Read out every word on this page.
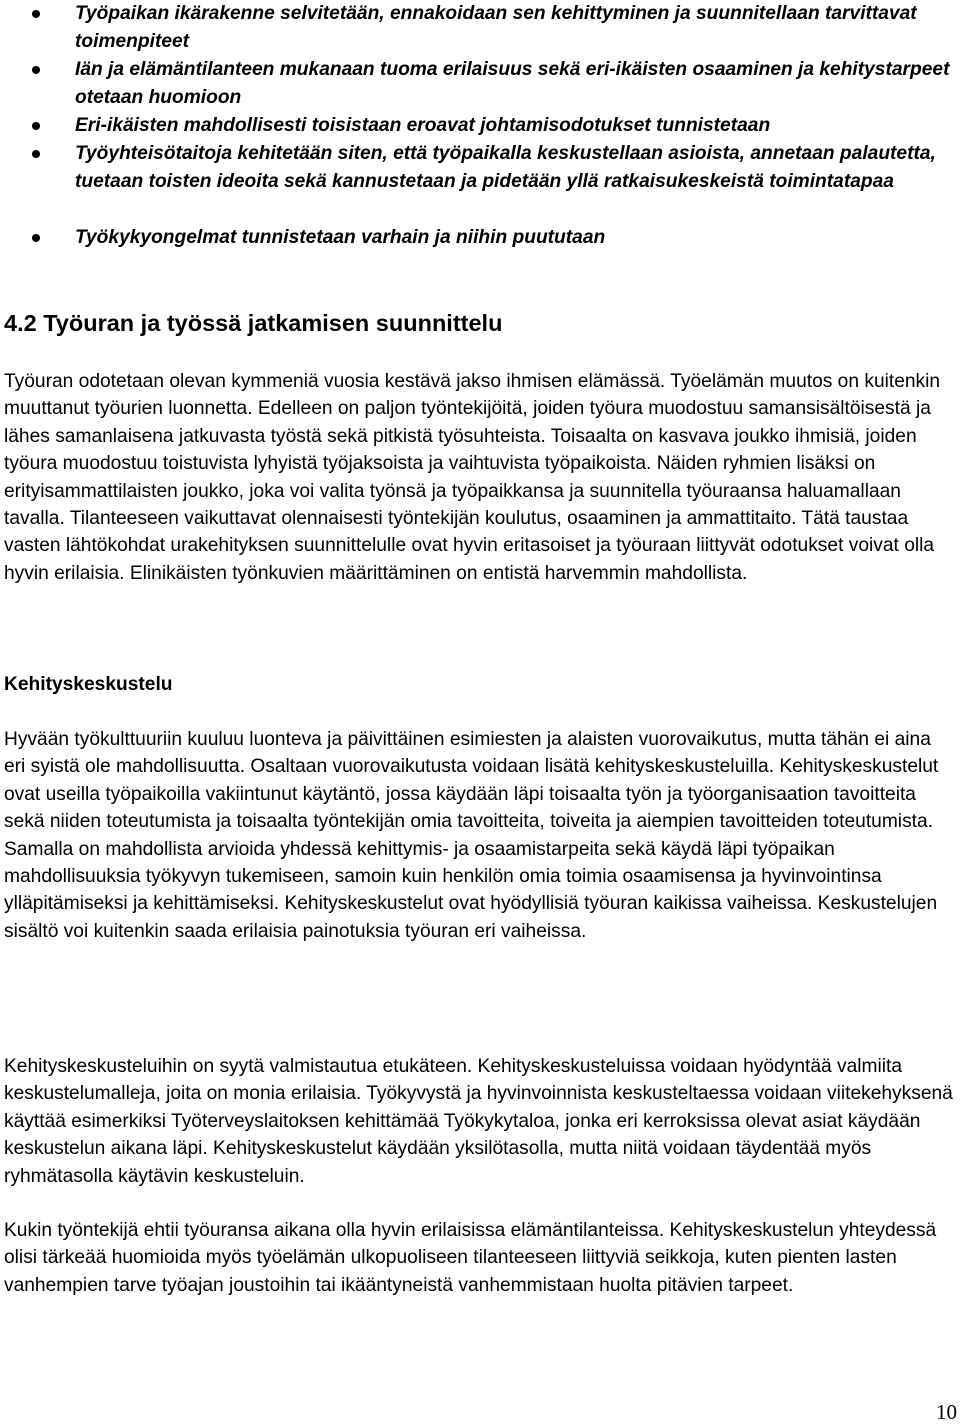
Työpaikan ikärakenne selvitetään, ennakoidaan sen kehittyminen ja suunnitellaan tarvittavat toimenpiteet
Iän ja elämäntilanteen mukanaan tuoma erilaisuus sekä eri-ikäisten osaaminen ja kehitystarpeet otetaan huomioon
Eri-ikäisten mahdollisesti toisistaan eroavat johtamisodotukset tunnistetaan
Työyhteisötaitoja kehitetään siten, että työpaikalla keskustellaan asioista, annetaan palautetta, tuetaan toisten ideoita sekä kannustetaan ja pidetään yllä ratkaisukeskeistä toimintatapaa
Työkykyongelmat tunnistetaan varhain ja niihin puututaan
4.2 Työuran ja työssä jatkamisen suunnittelu

Työuran odotetaan olevan kymmeniä vuosia kestävä jakso ihmisen elämässä. Työelämän muutos on kuitenkin muuttanut työurien luonnetta. Edelleen on paljon työntekijöitä, joiden työura muodostuu samansisältöisestä ja lähes samanlaisena jatkuvasta työstä sekä pitkistä työsuhteista. Toisaalta on kasvava joukko ihmisiä, joiden työura muodostuu toistuvista lyhyistä työjaksoista ja vaihtuvista työpaikoista. Näiden ryhmien lisäksi on erityisammattilaisten joukko, joka voi valita työnsä ja työpaikkansa ja suunnitella työuraansa haluamallaan tavalla. Tilanteeseen vaikuttavat olennaisesti työntekijän koulutus, osaaminen ja ammattitaito. Tätä taustaa vasten lähtökohdat urakehityksen suunnittelulle ovat hyvin eritasoiset ja työuraan liittyvät odotukset voivat olla hyvin erilaisia. Elinikäisten työnkuvien määrittäminen on entistä harvemmin mahdollista.

Kehityskeskustelu

Hyvään työkulttuuriin kuuluu luonteva ja päivittäinen esimiesten ja alaisten vuorovaikutus, mutta tähän ei aina eri syistä ole mahdollisuutta. Osaltaan vuorovaikutusta voidaan lisätä kehityskeskusteluilla. Kehityskeskustelut ovat useilla työpaikoilla vakiintunut käytäntö, jossa käydään läpi toisaalta työn ja työorganisaation tavoitteita sekä niiden toteutumista ja toisaalta työntekijän omia tavoitteita, toiveita ja aiempien tavoitteiden toteutumista. Samalla on mahdollista arvioida yhdessä kehittymis- ja osaamistarpeita sekä käydä läpi työpaikan mahdollisuuksia työkyvyn tukemiseen, samoin kuin henkilön omia toimia osaamisensa ja hyvinvointinsa ylläpitämiseksi ja kehittämiseksi. Kehityskeskustelut ovat hyödyllisiä työuran kaikissa vaiheissa. Keskustelujen sisältö voi kuitenkin saada erilaisia painotuksia työuran eri vaiheissa.

Kehityskeskusteluihin on syytä valmistautua etukäteen. Kehityskeskusteluissa voidaan hyödyntää valmiita keskustelumalleja, joita on monia erilaisia. Työkyvystä ja hyvinvoinnista keskusteltaessa voidaan viitekehyksenä käyttää esimerkiksi Työterveyslaitoksen kehittämää Työkykytaloa, jonka eri kerroksissa olevat asiat käydään keskustelun aikana läpi. Kehityskeskustelut käydään yksilötasolla, mutta niitä voidaan täydentää myös ryhmätasolla käytävin keskusteluin.

Kukin työntekijä ehtii työuransa aikana olla hyvin erilaisissa elämäntilanteissa. Kehityskeskustelun yhteydessä olisi tärkeää huomioida myös työelämän ulkopuoliseen tilanteeseen liittyviä seikkoja, kuten pienten lasten vanhempien tarve työajan joustoihin tai ikääntyneistä vanhemmistaan huolta pitävien tarpeet.

10
